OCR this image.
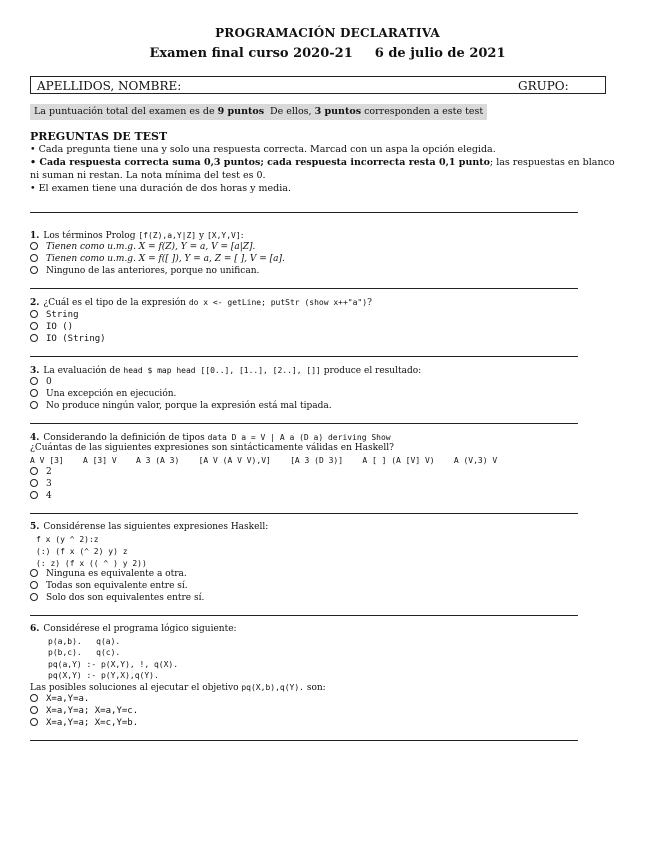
PROGRAMACIÓN DECLARATIVA
Examen final curso 2020-21 6 de julio de 2021
APELLIDOS, NOMBRE:	GRUPO:
La puntuación total del examen es de 9 puntos De ellos, 3 puntos corresponden a este test
PREGUNTAS DE TEST
• Cada pregunta tiene una y solo una respuesta correcta. Marcad con un aspa la opción elegida.
• Cada respuesta correcta suma 0,3 puntos; cada respuesta incorrecta resta 0,1 punto; las respuestas en blanco
ni suman ni restan. La nota mínima del test es 0.
• El examen tiene una duración de dos horas y media.
1. Los términos Prolog [f(Z),a,Y|Z] y [X,Y,V]:
Tienen como u.m.g. X = f(Z), Y = a, V = [a|Z].
Tienen como u.m.g. X = f([ ]), Y = a, Z = [ ], V = [a].
Ninguno de las anteriores, porque no unifican.
2. ¿Cuál es el tipo de la expresión do x <- getLine; putStr (show x++"a")?
String
IO ()
IO (String)
3. La evaluación de head $ map head [[0..], [1..], [2..], []] produce el resultado:
0
Una excepción en ejecución.
No produce ningún valor, porque la expresión está mal tipada.
4. Considerando la definición de tipos data D a = V | A a (D a) deriving Show
¿Cuántas de las siguientes expresiones son sintácticamente válidas en Haskell?
A V [3]    A [3] V    A 3 (A 3)    [A V (A V V),V]    [A 3 (D 3)]    A [ ] (A [V] V)    A (V,3) V
2
3
4
5. Considérense las siguientes expresiones Haskell:
f x (y ^ 2):z
(:) (f x (^ 2) y) z
(: z) (f x (( ^ ) y 2))
Ninguna es equivalente a otra.
Todas son equivalente entre sí.
Solo dos son equivalentes entre sí.
6. Considérese el programa lógico siguiente:
p(a,b).   q(a).
p(b,c).   q(c).
pq(a,Y) :- p(X,Y), !, q(X).
pq(X,Y) :- p(Y,X),q(Y).
Las posibles soluciones al ejecutar el objetivo pq(X,b),q(Y). son:
X=a,Y=a.
X=a,Y=a; X=a,Y=c.
X=a,Y=a; X=c,Y=b.
